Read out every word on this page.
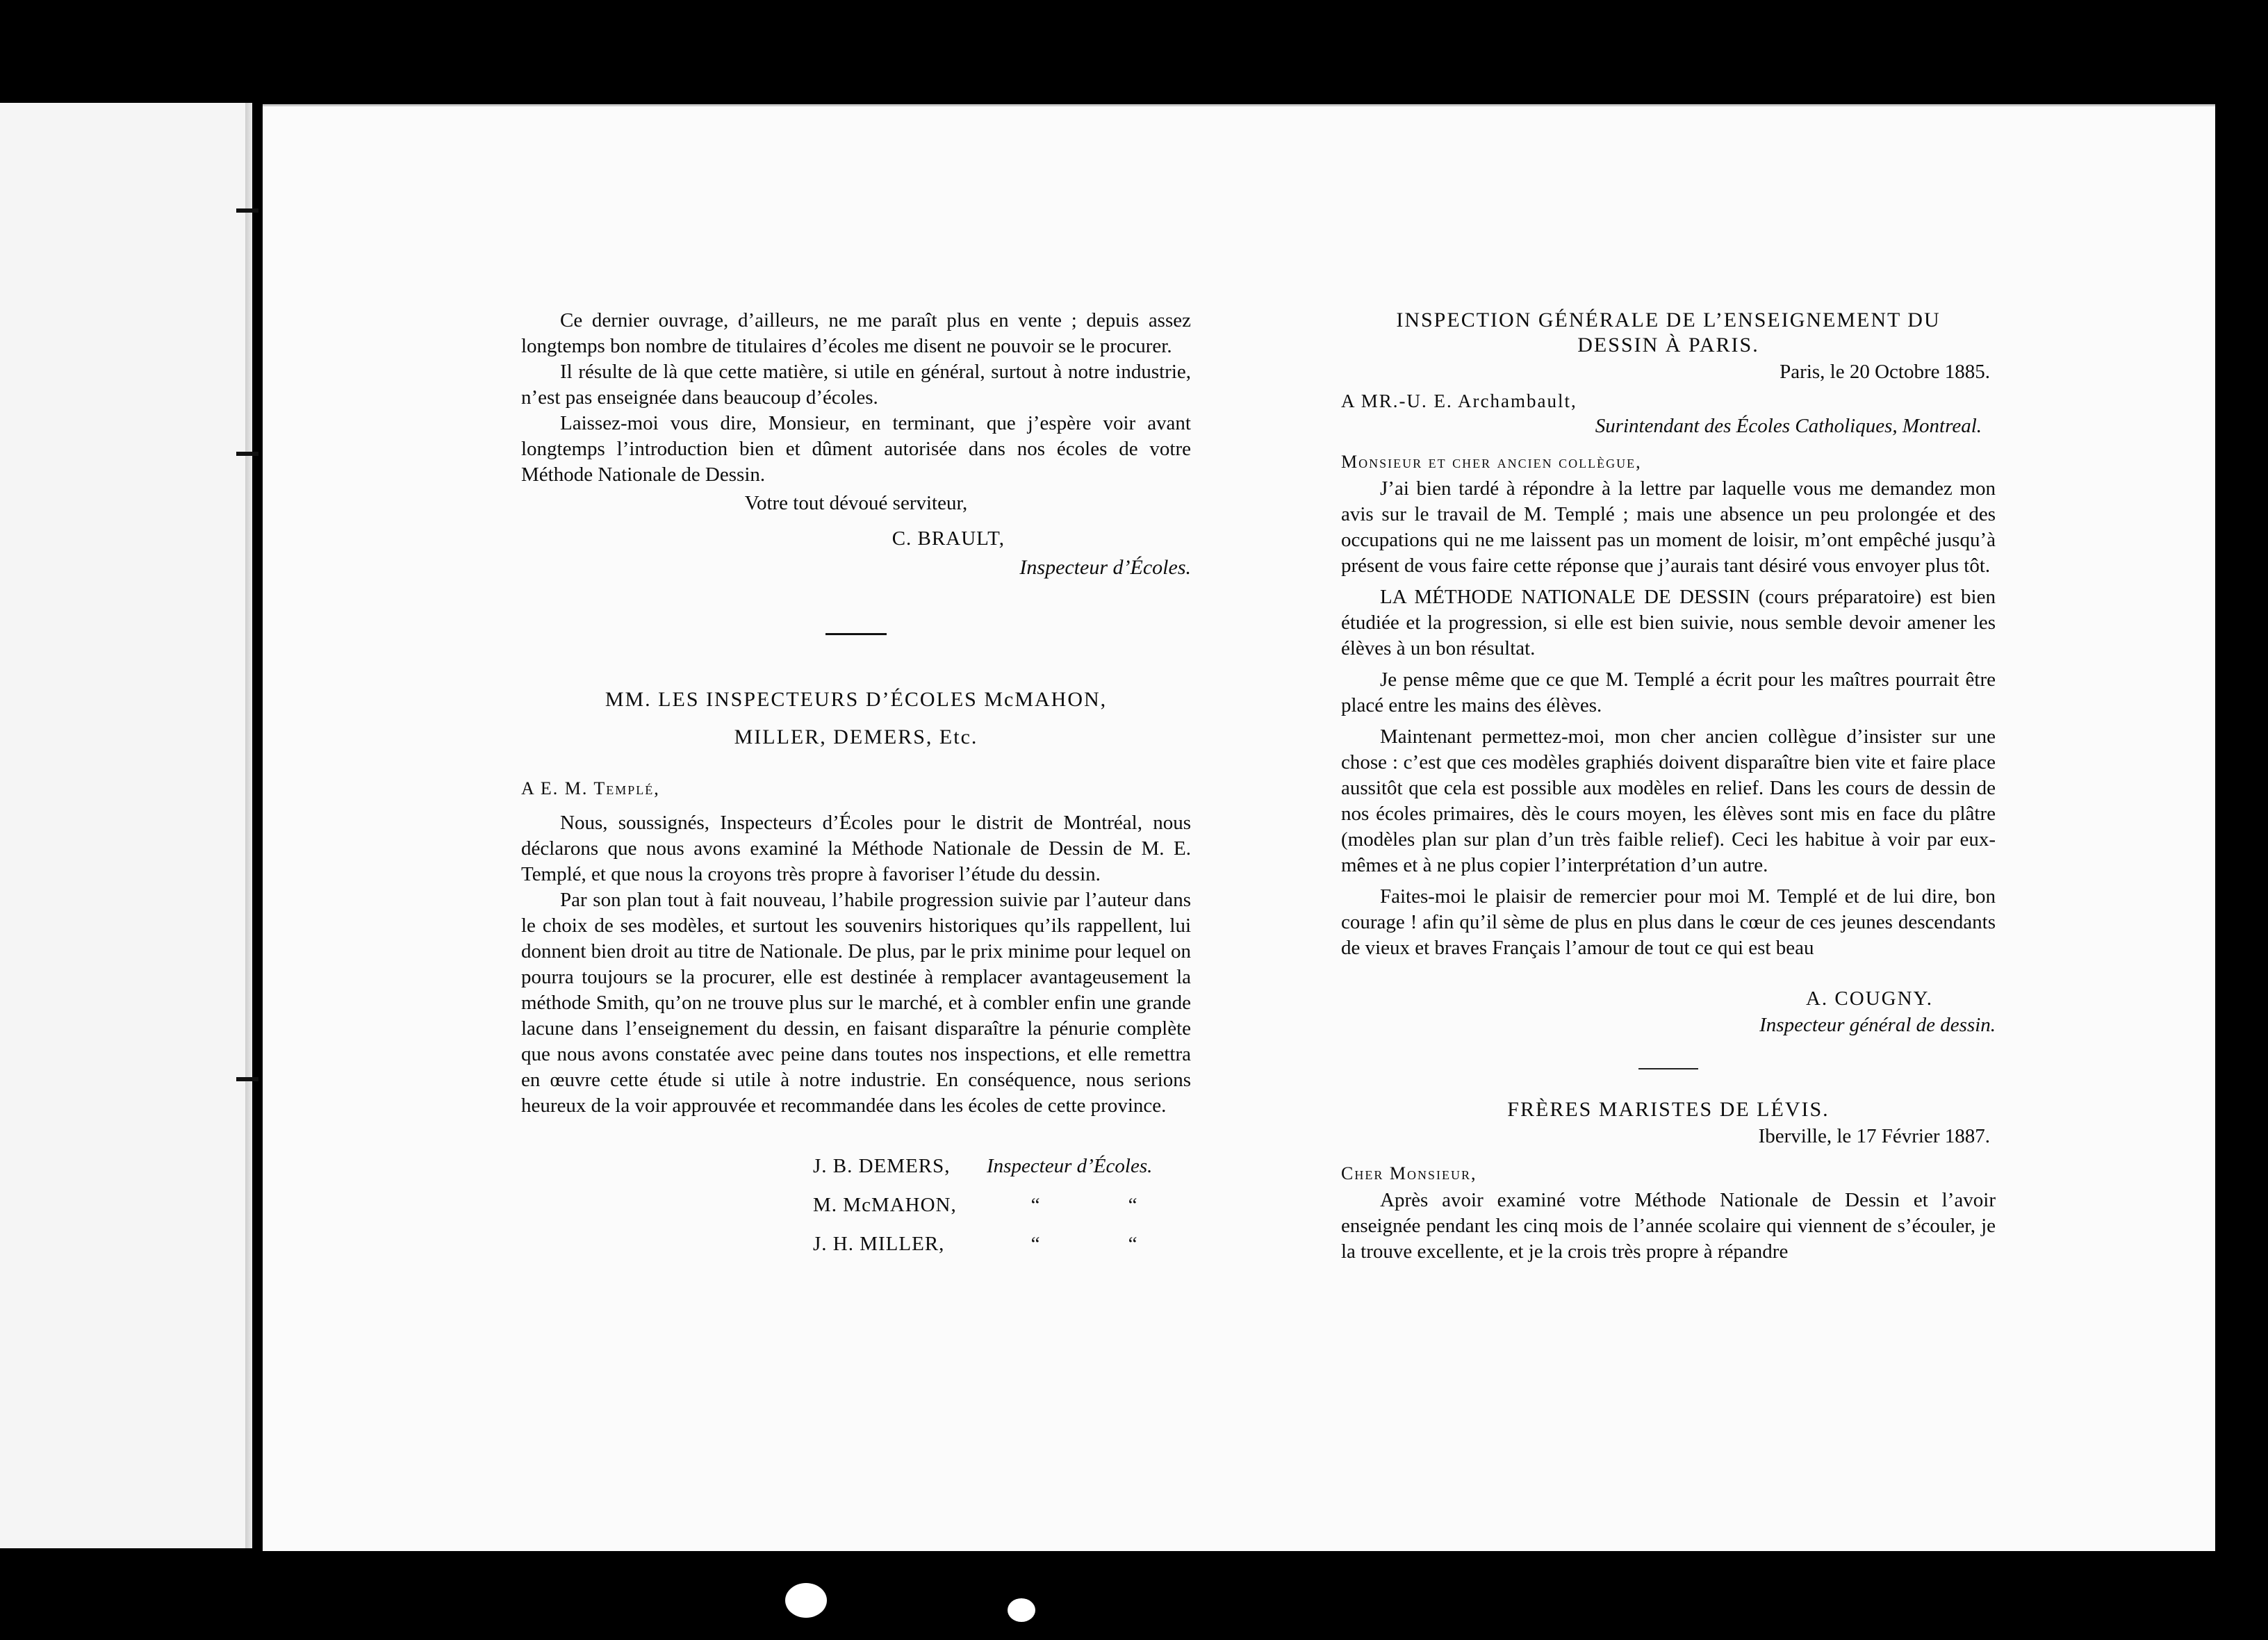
Ce dernier ouvrage, d’ailleurs, ne me paraît plus en vente ; depuis assez longtemps bon nombre de titulaires d’écoles me disent ne pouvoir se le procurer.

Il résulte de là que cette matière, si utile en général, surtout à notre industrie, n’est pas enseignée dans beaucoup d’écoles.

Laissez-moi vous dire, Monsieur, en terminant, que j’espère voir avant longtemps l’introduction bien et dûment autorisée dans nos écoles de votre Méthode Nationale de Dessin.

Votre tout dévoué serviteur,

C. BRAULT,
Inspecteur d’Écoles.
MM. LES INSPECTEURS D’ÉCOLES McMAHON,
MILLER, DEMERS, Etc.
A E. M. Templé,

Nous, soussignés, Inspecteurs d’Écoles pour le distrit de Montréal, nous déclarons que nous avons examiné la Méthode Nationale de Dessin de M. E. Templé, et que nous la croyons très propre à favoriser l’étude du dessin.

Par son plan tout à fait nouveau, l’habile progression suivie par l’auteur dans le choix de ses modèles, et surtout les souvenirs historiques qu’ils rappellent, lui donnent bien droit au titre de Nationale. De plus, par le prix minime pour lequel on pourra toujours se la procurer, elle est destinée à remplacer avantageusement la méthode Smith, qu’on ne trouve plus sur le marché, et à combler enfin une grande lacune dans l’enseignement du dessin, en faisant disparaître la pénurie complète que nous avons constatée avec peine dans toutes nos inspections, et elle remettra en œuvre cette étude si utile à notre industrie. En conséquence, nous serions heureux de la voir approuvée et recommandée dans les écoles de cette province.

J. B. DEMERS,	Inspecteur d’Écoles.
M. McMAHON,	“	“
J. H. MILLER,	“	“
INSPECTION GÉNÉRALE DE L’ENSEIGNEMENT DU
DESSIN À PARIS.
Paris, le 20 Octobre 1885.
A MR.-U. E. Archambault,
Surintendant des Écoles Catholiques, Montreal.
Monsieur et cher ancien collègue,

J’ai bien tardé à répondre à la lettre par laquelle vous me demandez mon avis sur le travail de M. Templé ; mais une absence un peu prolongée et des occupations qui ne me laissent pas un moment de loisir, m’ont empêché jusqu’à présent de vous faire cette réponse que j’aurais tant désiré vous envoyer plus tôt.

LA MÉTHODE NATIONALE DE DESSIN (cours préparatoire) est bien étudiée et la progression, si elle est bien suivie, nous semble devoir amener les élèves à un bon résultat.

Je pense même que ce que M. Templé a écrit pour les maîtres pourrait être placé entre les mains des élèves.

Maintenant permettez-moi, mon cher ancien collègue d’insister sur une chose : c’est que ces modèles graphiés doivent disparaître bien vite et faire place aussitôt que cela est possible aux modèles en relief. Dans les cours de dessin de nos écoles primaires, dès le cours moyen, les élèves sont mis en face du plâtre (modèles plan sur plan d’un très faible relief). Ceci les habitue à voir par eux-mêmes et à ne plus copier l’interprétation d’un autre.

Faites-moi le plaisir de remercier pour moi M. Templé et de lui dire, bon courage ! afin qu’il sème de plus en plus dans le cœur de ces jeunes descendants de vieux et braves Français l’amour de tout ce qui est beau

A. COUGNY.
Inspecteur général de dessin.
FRÈRES MARISTES DE LÉVIS.
Iberville, le 17 Février 1887.
Cher Monsieur,

Après avoir examiné votre Méthode Nationale de Dessin et l’avoir enseignée pendant les cinq mois de l’année scolaire qui viennent de s’écouler, je la trouve excellente, et je la crois très propre à répandre
